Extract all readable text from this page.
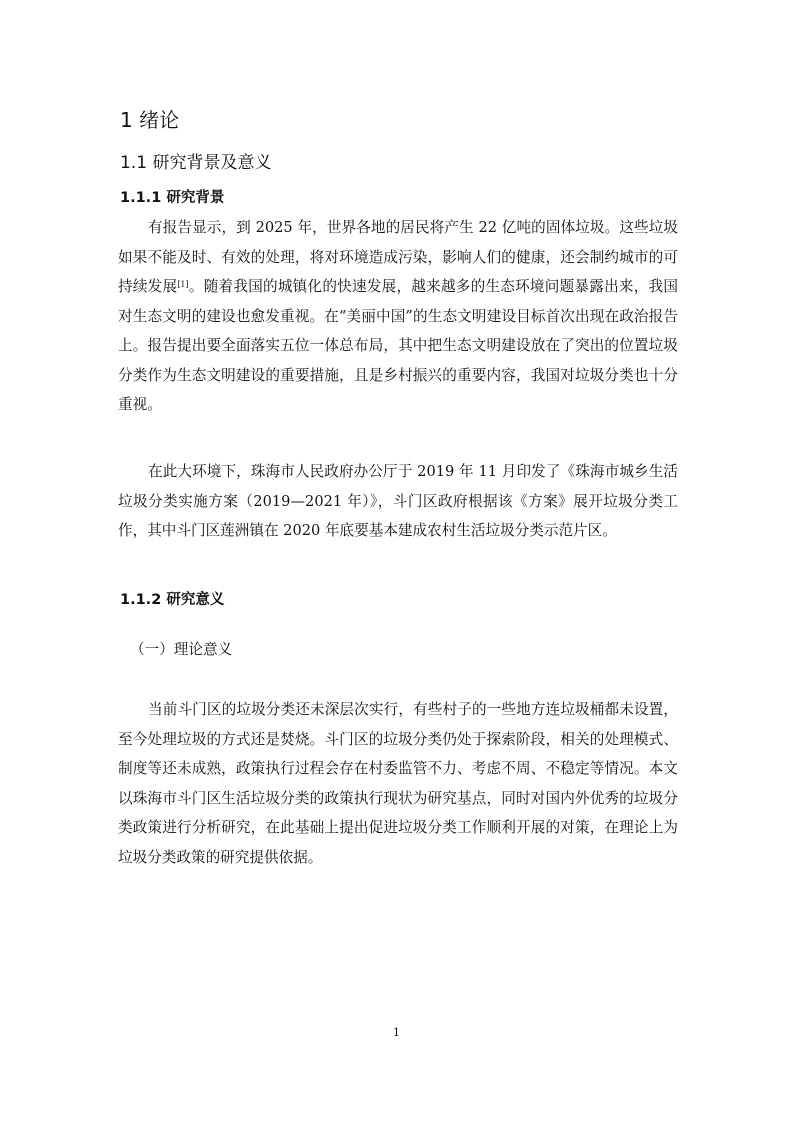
1 绪论
1.1 研究背景及意义
1.1.1 研究背景
有报告显示，到 2025 年，世界各地的居民将产生 22 亿吨的固体垃圾。这些垃圾如果不能及时、有效的处理，将对环境造成污染，影响人们的健康，还会制约城市的可持续发展[1]。随着我国的城镇化的快速发展，越来越多的生态环境问题暴露出来，我国对生态文明的建设也愈发重视。在“美丽中国”的生态文明建设目标首次出现在政治报告上。报告提出要全面落实五位一体总布局，其中把生态文明建设放在了突出的位置垃圾分类作为生态文明建设的重要措施，且是乡村振兴的重要内容，我国对垃圾分类也十分重视。
在此大环境下，珠海市人民政府办公厅于 2019 年 11 月印发了《珠海市城乡生活垃圾分类实施方案（2019—2021 年）》，斗门区政府根据该《方案》展开垃圾分类工作，其中斗门区莲洲镇在 2020 年底要基本建成农村生活垃圾分类示范片区。
1.1.2 研究意义
（一）理论意义
当前斗门区的垃圾分类还未深层次实行，有些村子的一些地方连垃圾桶都未设置，至今处理垃圾的方式还是焚烧。斗门区的垃圾分类仍处于探索阶段，相关的处理模式、制度等还未成熟，政策执行过程会存在村委监管不力、考虑不周、不稳定等情况。本文以珠海市斗门区生活垃圾分类的政策执行现状为研究基点，同时对国内外优秀的垃圾分类政策进行分析研究，在此基础上提出促进垃圾分类工作顺利开展的对策，在理论上为垃圾分类政策的研究提供依据。
1
